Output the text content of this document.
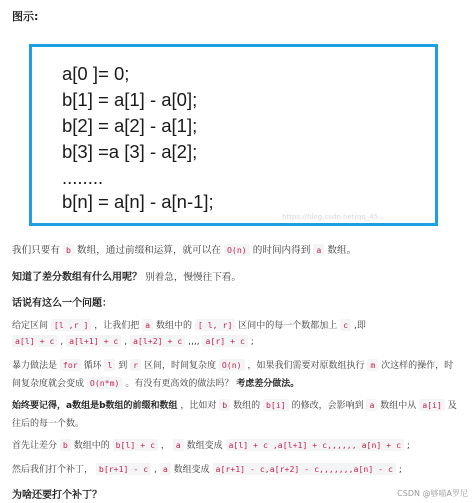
图示:
a[0 ]= 0;
b[1] = a[1] - a[0];
b[2] = a[2] - a[1];
b[3] =a [3] - a[2];
........
b[n] = a[n] - a[n-1];
https://blog.csdn.net/qq_45...
我们只要有 b 数组，通过前缀和运算，就可以在 O(n) 的时间内得到 a 数组。
知道了差分数组有什么用呢？ 别着急，慢慢往下看。
话说有这么一个问题：
给定区间 [l ,r ] ，让我们把 a 数组中的 [ l, r] 区间中的每一个数都加上 c ,即
a[l] + c , a[l+1] + c , a[l+2] + c ,,,, a[r] + c ;
暴力做法是 for 循环 l 到 r 区间，时间复杂度 O(n) ，如果我们需要对原数组执行 m 次这样的操作，时
间复杂度就会变成 O(n*m) 。有没有更高效的做法吗？ 考虑差分做法。
始终要记得，a数组是b数组的前缀和数组 ，比如对 b 数组的 b[i] 的修改，会影响到 a 数组中从 a[i] 及
往后的每一个数。
首先让差分 b 数组中的 b[l] + c ， a 数组变成 a[l] + c ,a[l+1] + c,,,,,, a[n] + c ;
然后我们打个补丁， b[r+1] - c , a 数组变成 a[r+1] - c,a[r+2] - c,,,,,,,a[n] - c ;
为啥还要打个补丁？	CSDN @够喵A罗尼
